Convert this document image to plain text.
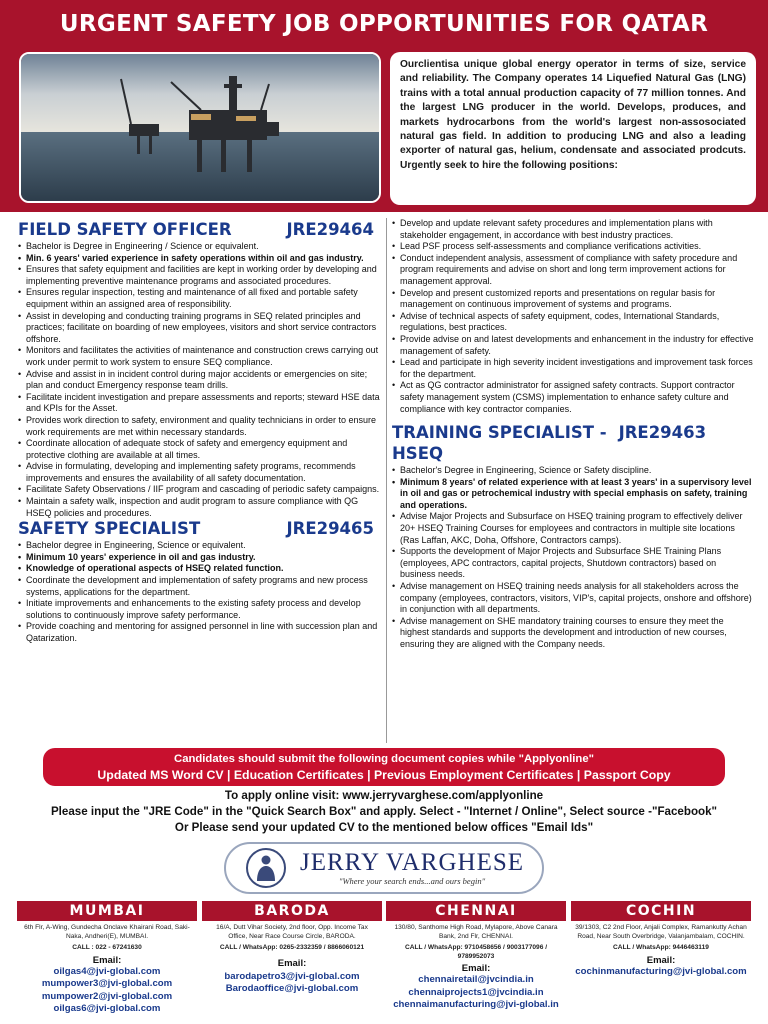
URGENT SAFETY JOB OPPORTUNITIES FOR QATAR
Ourclientisa unique global energy operator in terms of size, service and reliability. The Company operates 14 Liquefied Natural Gas (LNG) trains with a total annual production capacity of 77 million tonnes. And the largest LNG producer in the world. Develops, produces, and markets hydrocarbons from the world's largest non-assosociated natural gas field. In addition to producing LNG and also a leading exporter of natural gas, helium, condensate and associated prodcuts. Urgently seek to hire the following positions:
FIELD SAFETY OFFICER	JRE29464
• Bachelor is Degree in Engineering / Science or equivalent.
• Min. 6 years' varied experience in safety operations within oil and gas industry.
• Ensures that safety equipment and facilities are kept in working order by developing and implementing preventive maintenance programs and associated procedures.
• Ensures regular inspection, testing and maintenance of all fixed and portable safety equipment within an assigned area of responsibility.
• Assist in developing and conducting training programs in SEQ related principles and practices; facilitate on boarding of new employees, visitors and short service contractors offshore.
• Monitors and facilitates the activities of maintenance and construction crews carrying out work under permit to work system to ensure SEQ compliance.
• Advise and assist in in incident control during major accidents or emergencies on site; plan and conduct Emergency response team drills.
• Facilitate incident investigation and prepare assessments and reports; steward HSE data and KPIs for the Asset.
• Provides work direction to safety, environment and quality technicians in order to ensure work requirements are met within necessary standards.
• Coordinate allocation of adequate stock of safety and emergency equipment and protective clothing are available at all times.
• Advise in formulating, developing and implementing safety programs, recommends improvements and ensures the availability of all safety documentation.
• Facilitate Safety Observations / IIF program and cascading of periodic safety campaigns.
• Maintain a safety walk, inspection and audit program to assure compliance with QG HSEQ policies and procedures.
SAFETY SPECIALIST	JRE29465
• Bachelor degree in Engineering, Science or equivalent.
• Minimum 10 years' experience in oil and gas industry.
• Knowledge of operational aspects of HSEQ related function.
• Coordinate the development and implementation of safety programs and new process systems, applications for the department.
• Initiate improvements and enhancements to the existing safety process and develop solutions to continuously improve safety performance.
• Provide coaching and mentoring for assigned personnel in line with succession plan and Qatarization.
• Develop and update relevant safety procedures and implementation plans with stakeholder engagement, in accordance with best industry practices.
• Lead PSF process self-assessments and compliance verifications activities.
• Conduct independent analysis, assessment of compliance with safety procedure and program requirements and advise on short and long term improvement actions for management approval.
• Develop and present customized reports and presentations on regular basis for management on continuous improvement of systems and programs.
• Advise of technical aspects of safety equipment, codes, International Standards, regulations, best practices.
• Provide advise on and latest developments and enhancement in the industry for effective management of safety.
• Lead and participate in high severity incident investigations and improvement task forces for the department.
• Act as QG contractor administrator for assigned safety contracts. Support contractor safety management system (CSMS) implementation to enhance safety culture and compliance with key contractor companies.
TRAINING SPECIALIST - JRE29463
HSEQ
• Bachelor's Degree in Engineering, Science or Safety discipline.
• Minimum 8 years' of related experience with at least 3 years' in a supervisory level in oil and gas or petrochemical industry with special emphasis on safety, training and operations.
• Advise Major Projects and Subsurface on HSEQ training program to effectively deliver 20+ HSEQ Training Courses for employees and contractors in multiple site locations (Ras Laffan, AKC, Doha, Offshore, Contractors camps).
• Supports the development of Major Projects and Subsurface SHE Training Plans (employees, APC contractors, capital projects, Shutdown contractors) based on business needs.
• Advise management on HSEQ training needs analysis for all stakeholders across the company (employees, contractors, visitors, VIP's, capital projects, onshore and offshore) in conjunction with all departments.
• Advise management on SHE mandatory training courses to ensure they meet the highest standards and supports the development and introduction of new courses, ensuring they are aligned with the Company needs.
Candidates should submit the following document copies while "Applyonline"
Updated MS Word CV | Education Certificates | Previous Employment Certificates | Passport Copy
To apply online visit: www.jerryvarghese.com/applyonline
Please input the "JRE Code" in the "Quick Search Box" and apply. Select - "Internet / Online", Select source -"Facebook"
Or Please send your updated CV to the mentioned below offices "Email Ids"
JERRY VARGHESE
"Where your search ends...and ours begin"
MUMBAI
6th Flr, A-Wing, Gundecha Onclave Khairani Road, Saki-Naka, Andheri(E), MUMBAI.
CALL : 022 - 67241630
Email:
oilgas4@jvi-global.com
mumpower3@jvi-global.com
mumpower2@jvi-global.com
oilgas6@jvi-global.com
BARODA
16/A, Dutt Vihar Society, 2nd floor, Opp. Income Tax Office, Near Race Course Circle, BARODA.
CALL / WhatsApp: 0265-2332359 / 8866060121
Email:
barodapetro3@jvi-global.com
Barodaoffice@jvi-global.com
CHENNAI
130/80, Santhome High Road, Mylapore, Above Canara Bank, 2nd Flr, CHENNAI.
CALL / WhatsApp: 9710458656 / 9003177096 / 9789952073
Email:
chennairetail@jvcindia.in
chennaiprojects1@jvcindia.in
chennaimanufacturing@jvi-global.in
COCHIN
39/1303, C2 2nd Floor, Anjali Complex, Ramankutty Achan Road, Near South Overbridge, Valanjambalam, COCHIN.
CALL / WhatsApp: 9446463119
Email:
cochinmanufacturing@jvi-global.com
